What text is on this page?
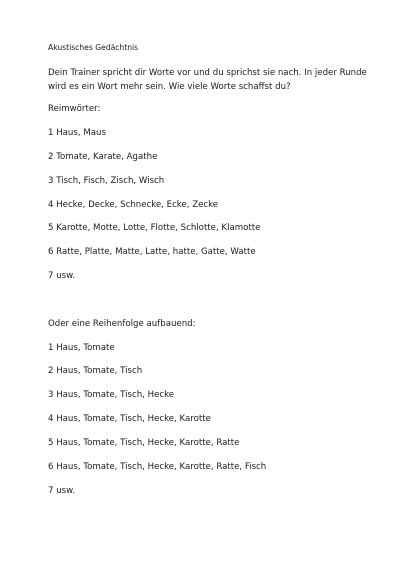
Akustisches Gedächtnis
Dein Trainer spricht dir Worte vor und du sprichst sie nach. In jeder Runde wird es ein Wort mehr sein. Wie viele Worte schaffst du?
Reimwörter:
1 Haus, Maus
2 Tomate, Karate, Agathe
3 Tisch, Fisch, Zisch, Wisch
4 Hecke, Decke, Schnecke, Ecke, Zecke
5 Karotte, Motte, Lotte, Flotte, Schlotte, Klamotte
6 Ratte, Platte, Matte, Latte, hatte, Gatte, Watte
7 usw.
Oder eine Reihenfolge aufbauend:
1 Haus, Tomate
2 Haus, Tomate, Tisch
3 Haus, Tomate, Tisch, Hecke
4 Haus, Tomate, Tisch, Hecke, Karotte
5 Haus, Tomate, Tisch, Hecke, Karotte, Ratte
6 Haus, Tomate, Tisch, Hecke, Karotte, Ratte, Fisch
7 usw.
